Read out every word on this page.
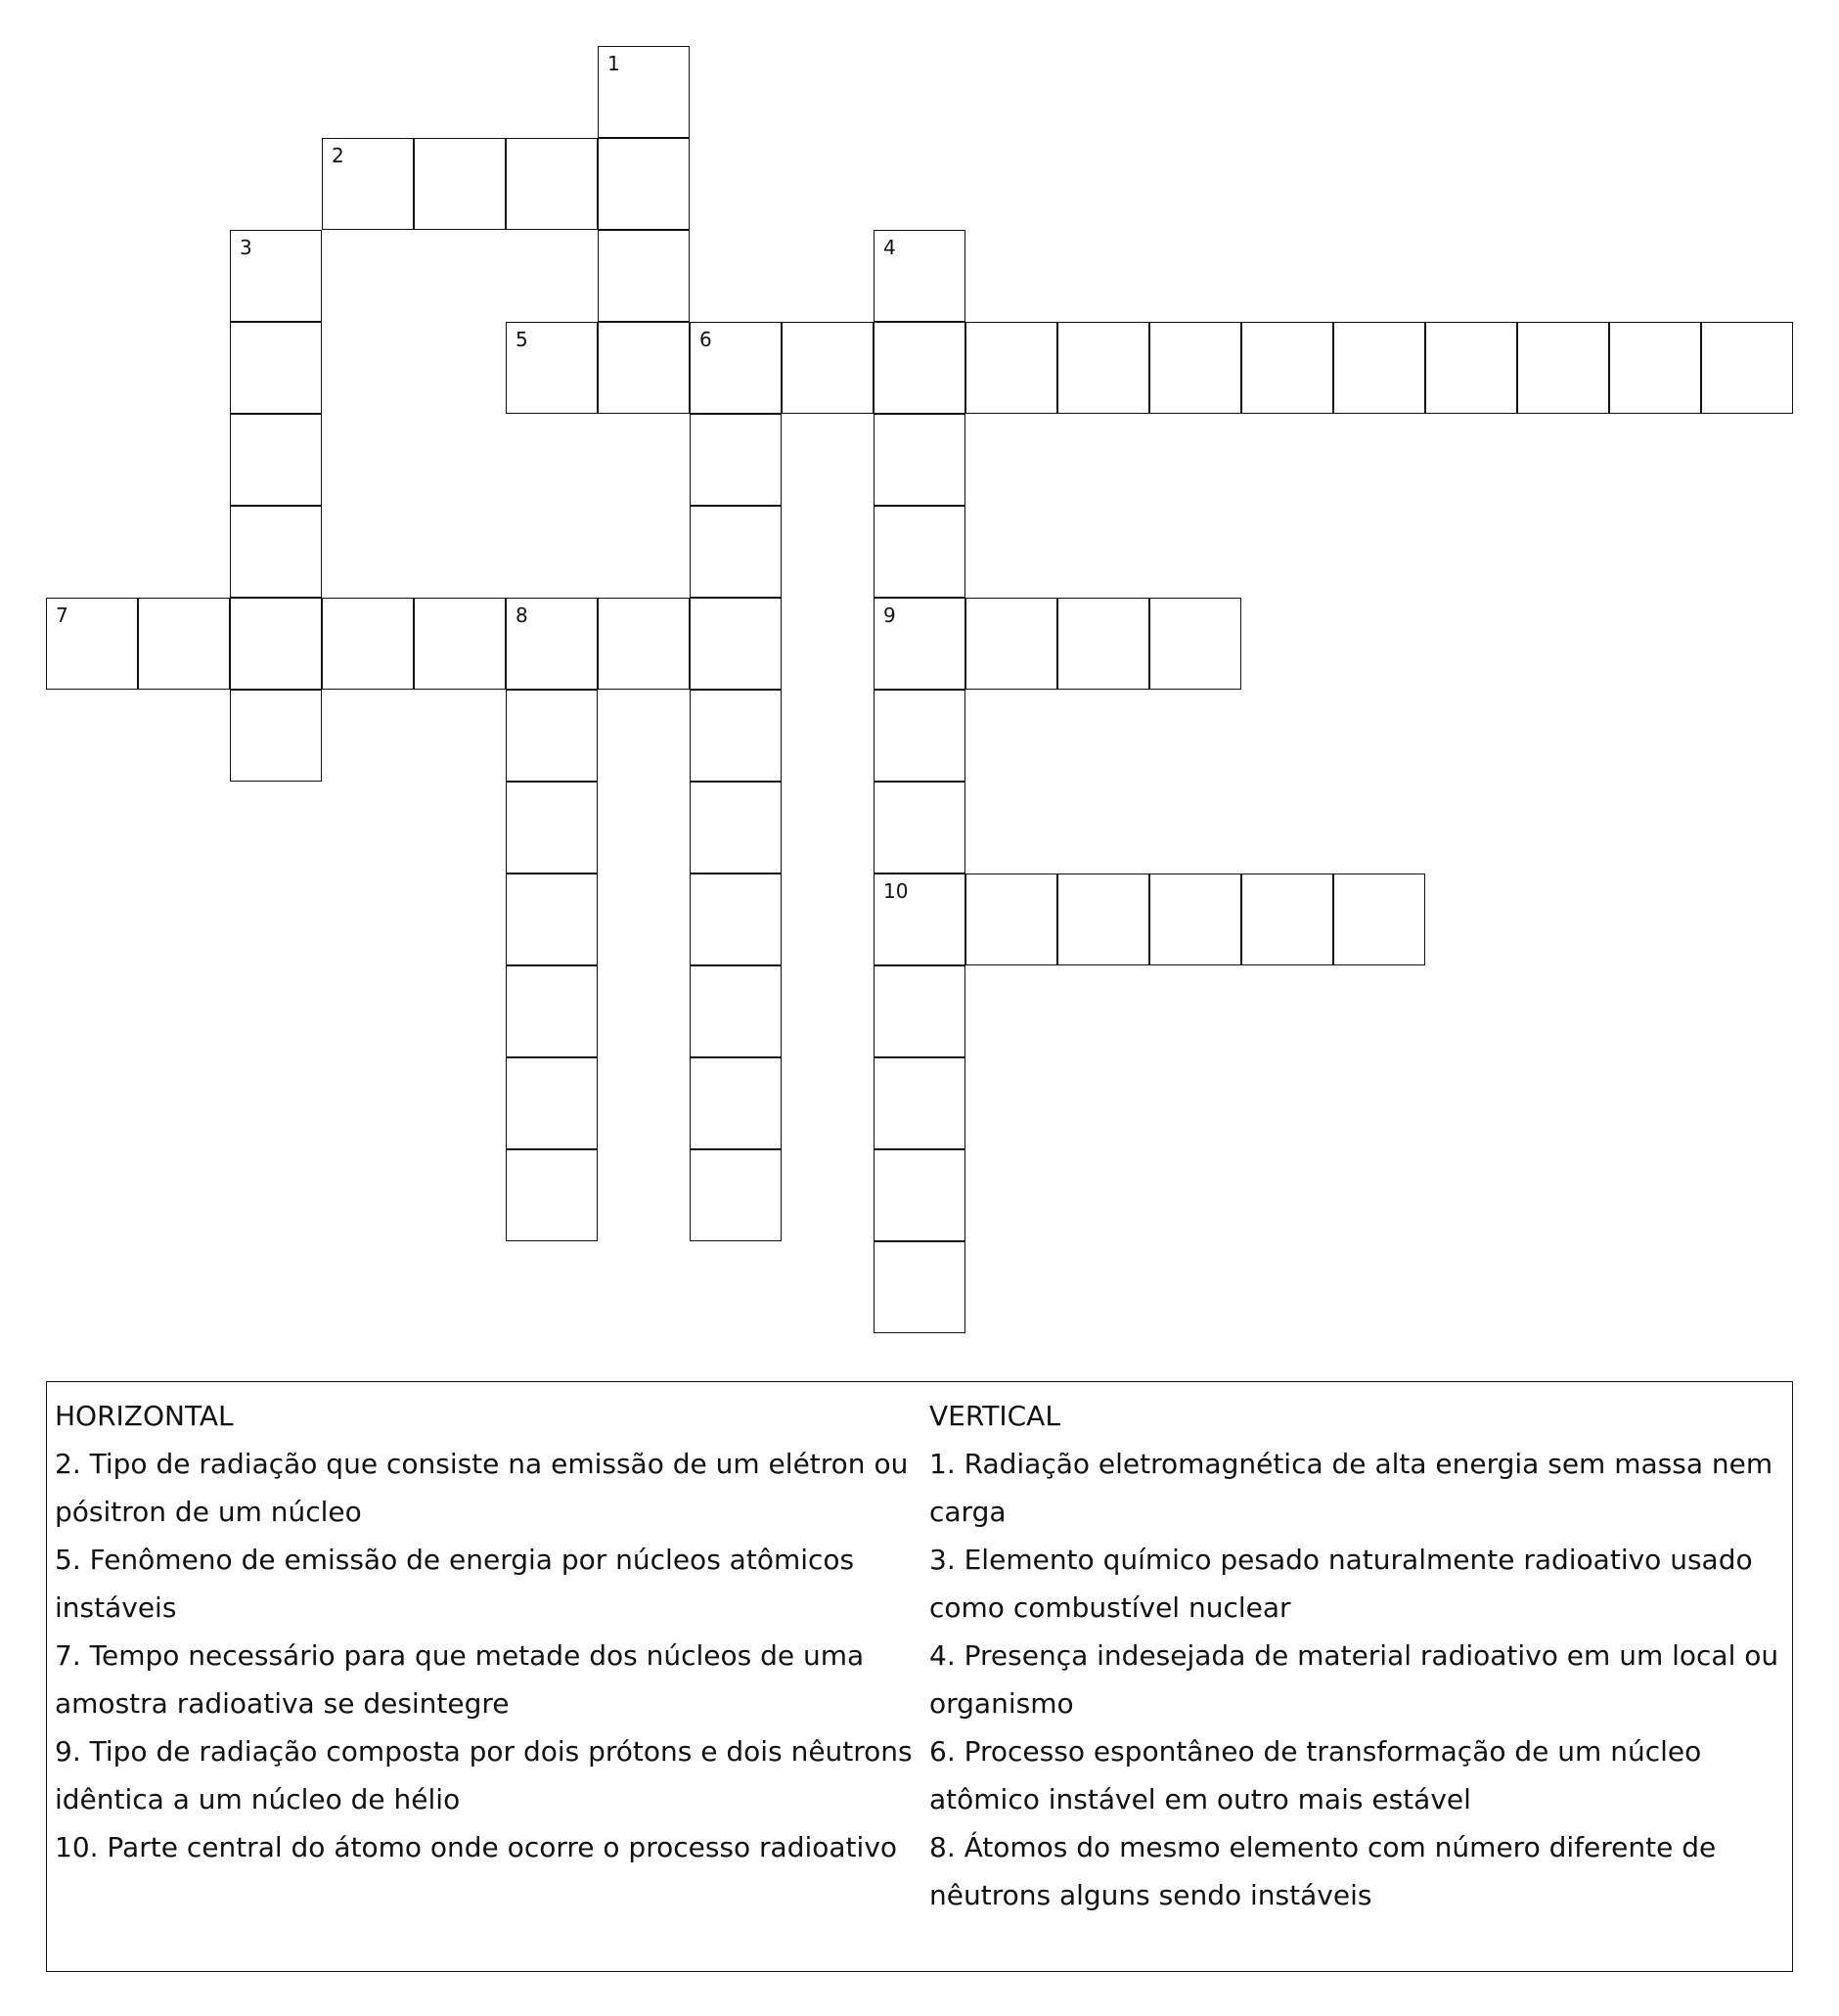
1
2
3	4
9
10
5	6
7	8
HORIZONTAL
2. Tipo de radiação que consiste na emissão de um elétron ou pósitron de um núcleo
5. Fenômeno de emissão de energia por núcleos atômicos instáveis
7. Tempo necessário para que metade dos núcleos de uma amostra radioativa se desintegre
9. Tipo de radiação composta por dois prótons e dois nêutrons idêntica a um núcleo de hélio
10. Parte central do átomo onde ocorre o processo radioativo
VERTICAL
1. Radiação eletromagnética de alta energia sem massa nem carga
3. Elemento químico pesado naturalmente radioativo usado como combustível nuclear
4. Presença indesejada de material radioativo em um local ou organismo
6. Processo espontâneo de transformação de um núcleo atômico instável em outro mais estável
8. Átomos do mesmo elemento com número diferente de nêutrons alguns sendo instáveis
